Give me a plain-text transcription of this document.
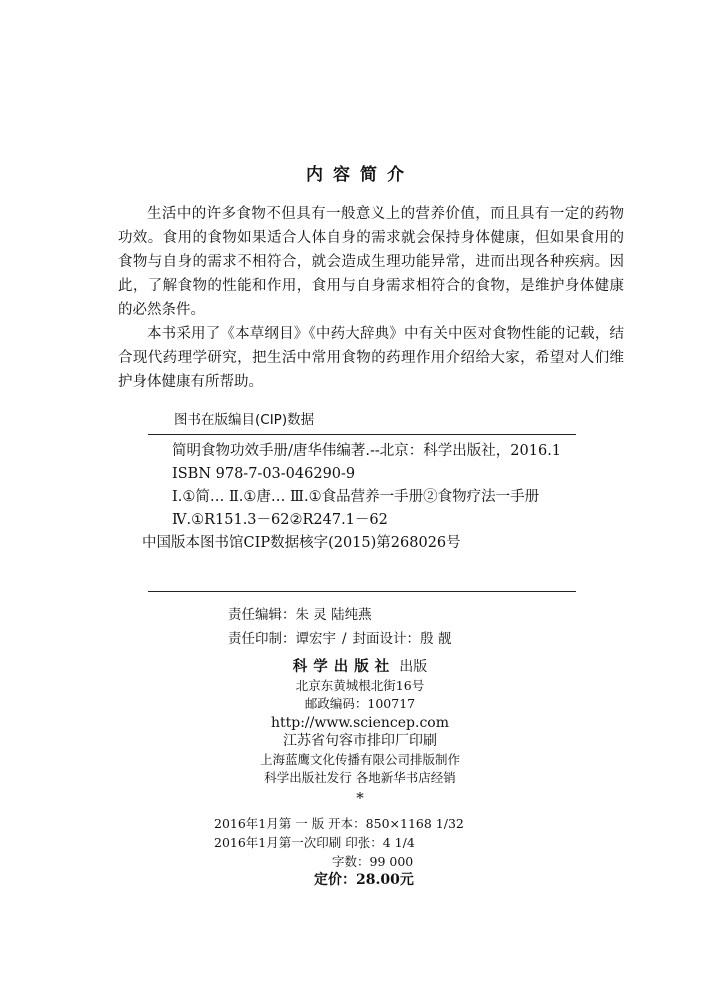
内容简介

生活中的许多食物不但具有一般意义上的营养价值，而且具有一定的药物功效。食用的食物如果适合人体自身的需求就会保持身体健康，但如果食用的食物与自身的需求不相符合，就会造成生理功能异常，进而出现各种疾病。因此，了解食物的性能和作用，食用与自身需求相符合的食物，是维护身体健康的必然条件。

本书采用了《本草纲目》《中药大辞典》中有关中医对食物性能的记载，结合现代药理学研究，把生活中常用食物的药理作用介绍给大家，希望对人们维护身体健康有所帮助。

图书在版编目(CIP)数据
简明食物功效手册/唐华伟编著.--北京：科学出版社，2016.1
ISBN 978-7-03-046290-9
Ⅰ.①简… Ⅱ.①唐… Ⅲ.①食品营养一手册②食物疗法一手册 Ⅳ.①R151.3－62②R247.1－62
中国版本图书馆CIP数据核字(2015)第268026号
责任编辑：朱 灵 陆纯燕
责任印制：谭宏宇 / 封面设计：殷 靓
科学出版社 出版
北京东黄城根北街16号
邮政编码：100717
http://www.sciencep.com
江苏省句容市排印厂印刷
上海蓝鹰文化传播有限公司排版制作
科学出版社发行 各地新华书店经销
*
2016年1月第 一 版 开本：850×1168 1/32
2016年1月第一次印刷 印张：4 1/4
字数：99 000
定价：28.00元
